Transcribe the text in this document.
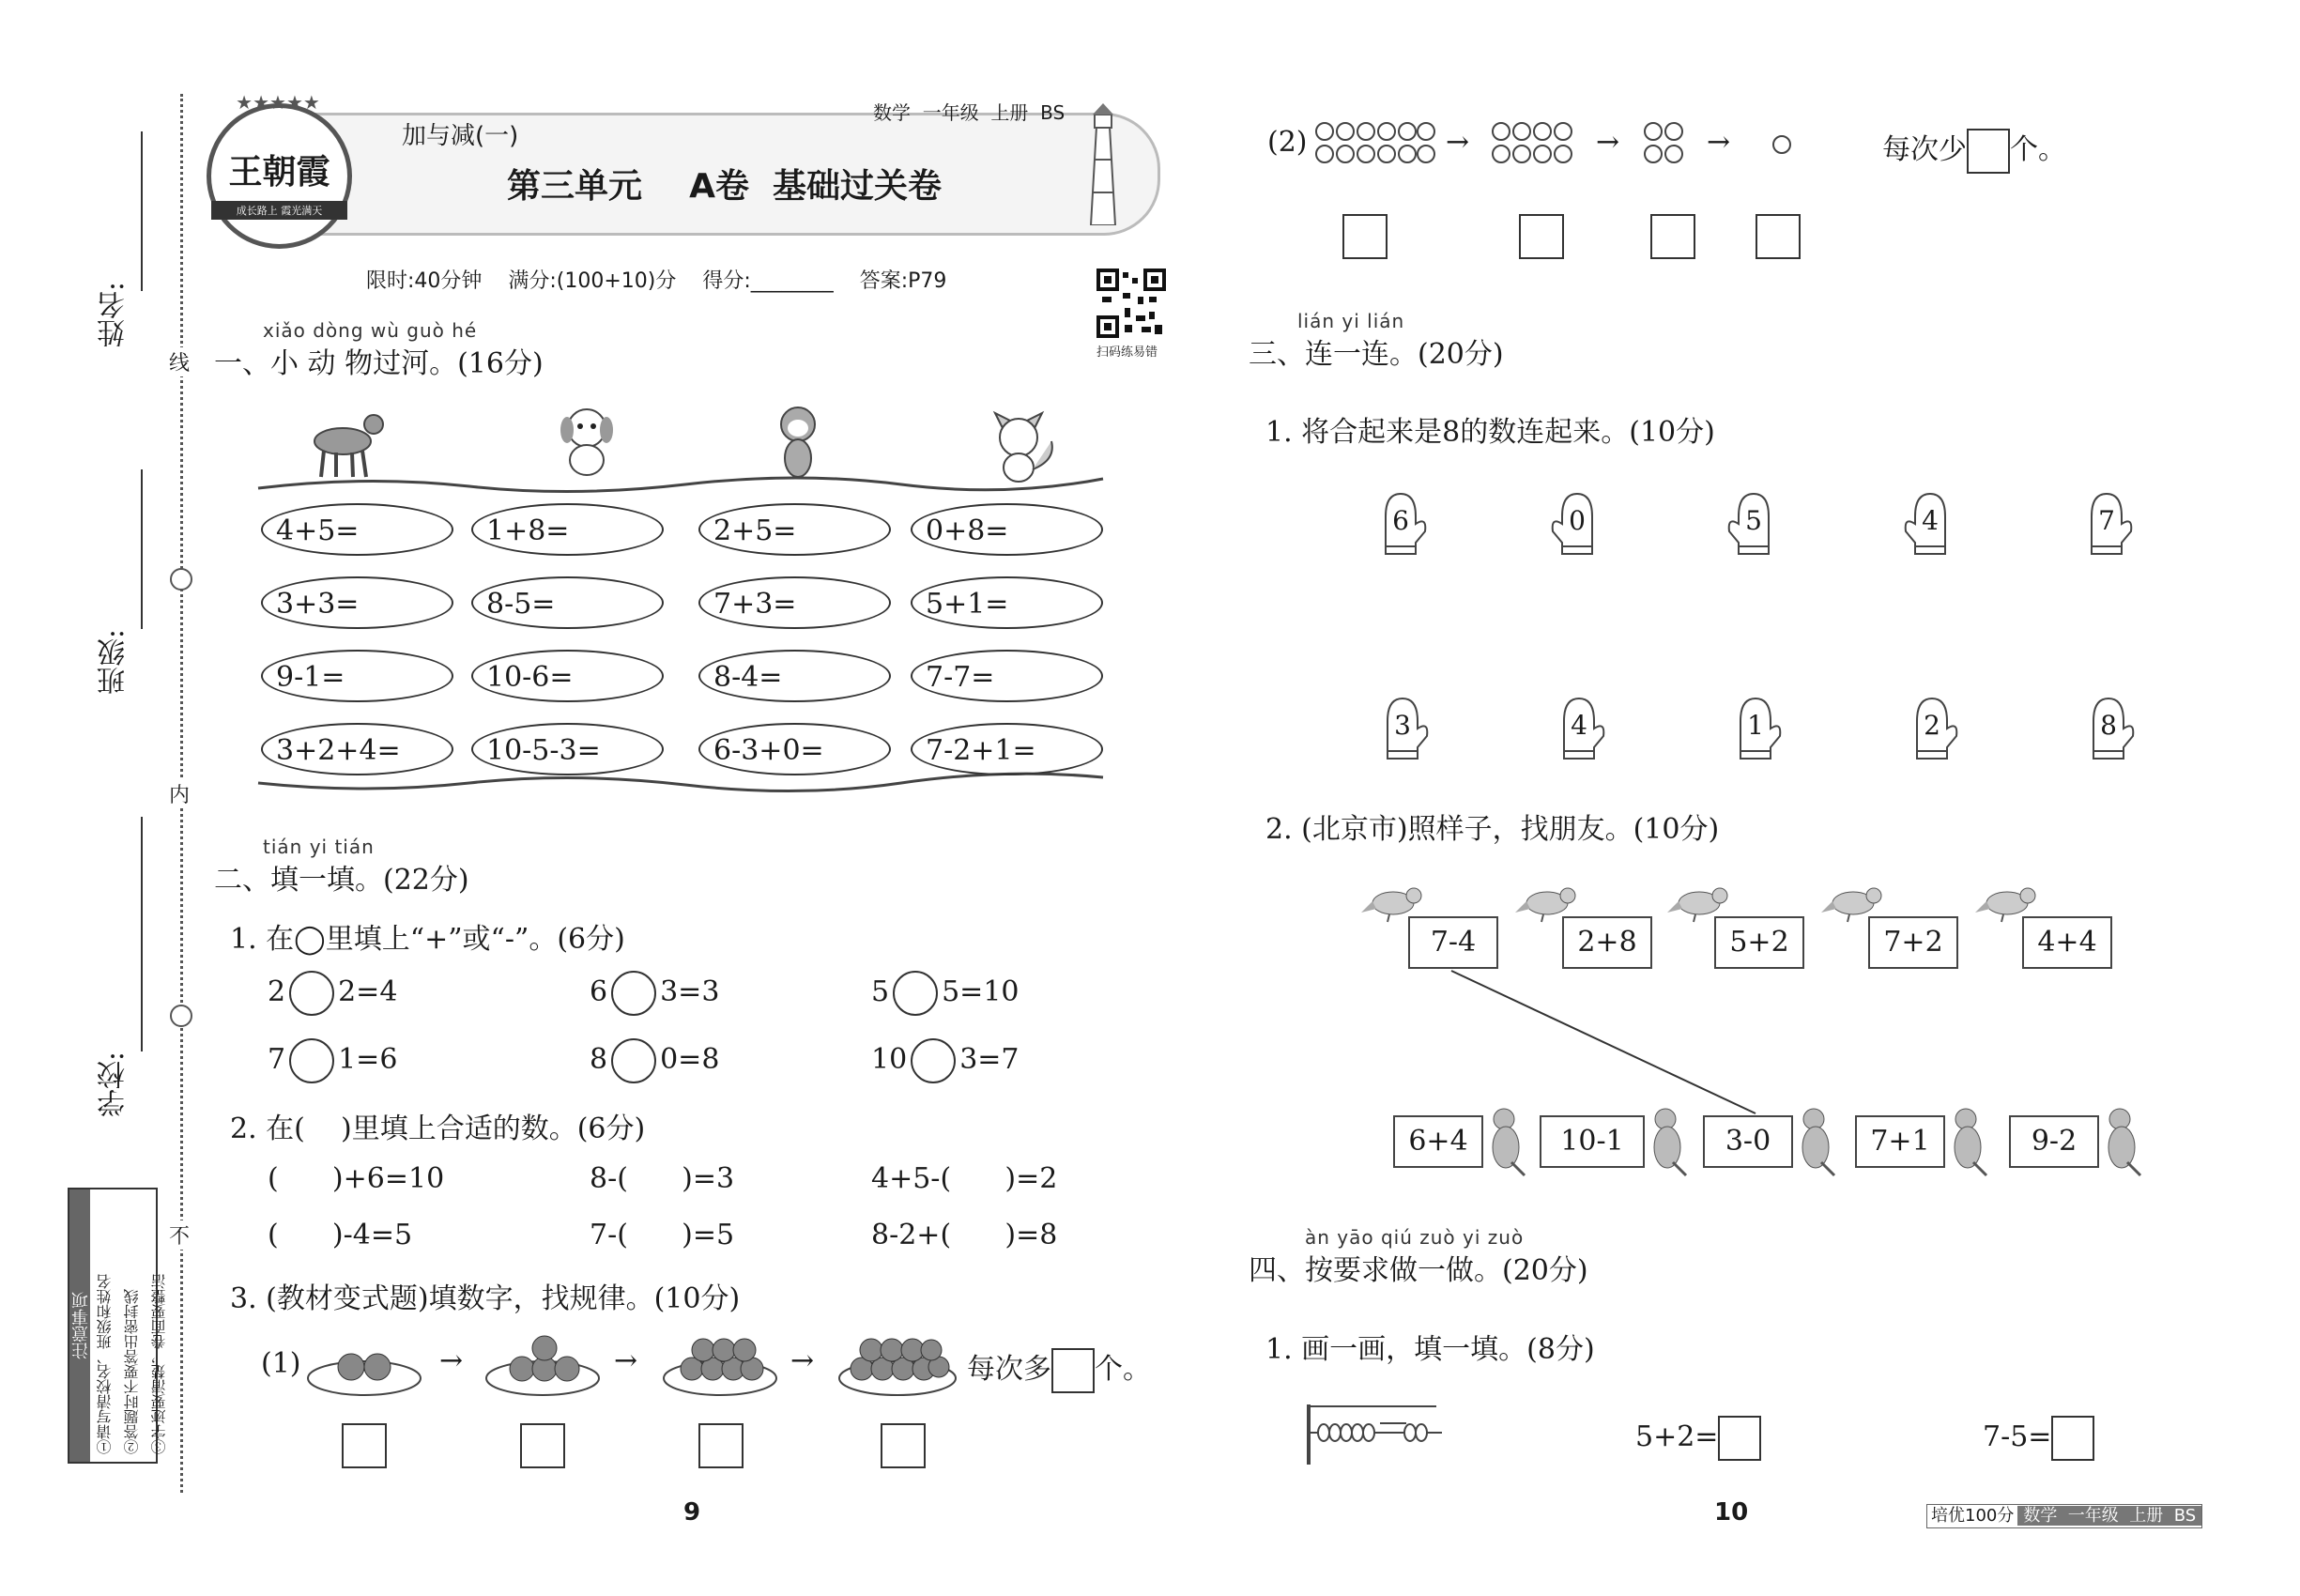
姓名:
班级:
学校:
线
内
不
注意事项 ①请写清校名、班级和姓名 ②答题时不要答出密封线 ③字迹要清楚，卷面要整洁
★★★★★
王朝霞
成长路上 霞光满天
加与减(一)
数学  一年级  上册  BS
第三单元    A卷  基础过关卷
限时:40分钟    满分:(100+10)分    得分:________    答案:P79
扫码练易错
xiǎo dòng wù guò hé
一、小 动 物过河。(16分)
4+5=	1+8=	2+5=	0+8=
3+3=	8-5=	7+3=	5+1=
9-1=	10-6=	8-4=	7-7=
3+2+4=	10-5-3=	6-3+0=	7-2+1=
tián yi tián
二、填一填。(22分)
1. 在◯里填上“+”或“-”。(6分)
2 2=4	6 3=3	5 5=10
7 1=6	8 0=8	10 3=7
2. 在(    )里填上合适的数。(6分)
(      )+6=10	8-(      )=3	4+5-(      )=2
(      )-4=5	7-(      )=5	8-2+(      )=8
3. (教材变式题)填数字，找规律。(10分)
(1)	→	→	→	每次多 个。
9
(2)	→	→	→	每次少 个。
lián yi lián
三、连一连。(20分)
1. 将合起来是8的数连起来。(10分)
6	0	5	4	7
3	4	1	2	8
2. (北京市)照样子，找朋友。(10分)
7-4	2+8	5+2	7+2	4+4
6+4	10-1	3-0	7+1	9-2
àn yāo qiú zuò yi zuò
四、按要求做一做。(20分)
1. 画一画，填一填。(8分)
5+2=	7-5=
10	培优100分 数学  一年级  上册  BS
